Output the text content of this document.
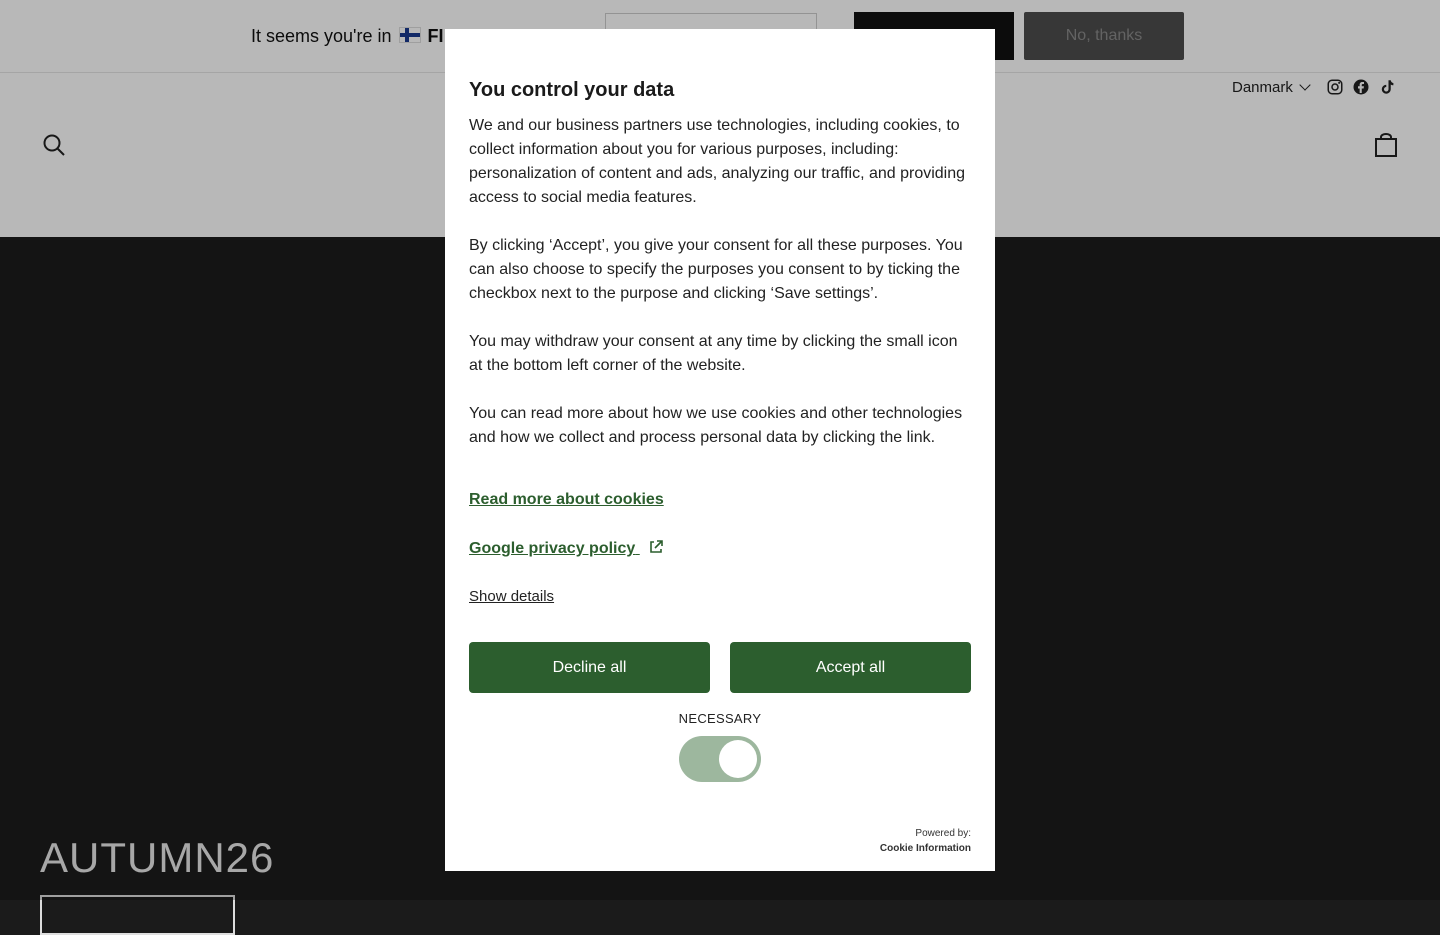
It seems you're in FI	No, thanks
Danmark
AUTUMN26
You control your data

We and our business partners use technologies, including cookies, to collect information about you for various purposes, including: personalization of content and ads, analyzing our traffic, and providing access to social media features.

By clicking ‘Accept’, you give your consent for all these purposes. You can also choose to specify the purposes you consent to by ticking the checkbox next to the purpose and clicking ‘Save settings’.

You may withdraw your consent at any time by clicking the small icon at the bottom left corner of the website.

You can read more about how we use cookies and other technologies and how we collect and process personal data by clicking the link.

Read more about cookies
Google privacy policy
Show details
Decline all	Accept all
NECESSARY
Powered by:
Cookie Information
